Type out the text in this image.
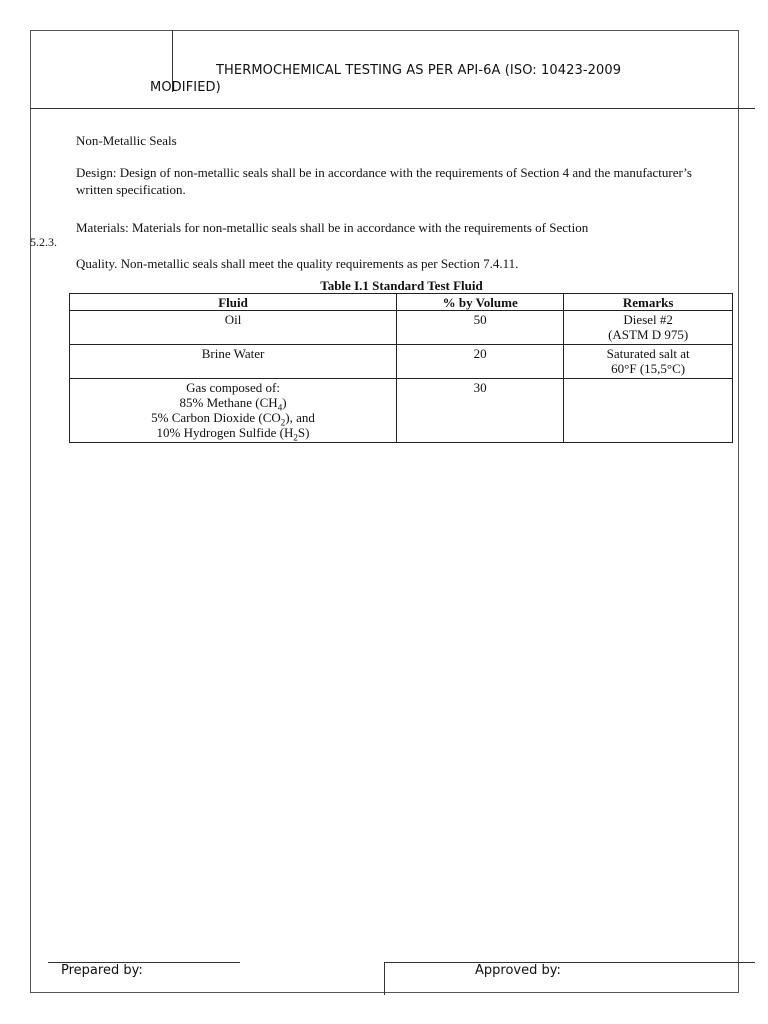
THERMOCHEMICAL TESTING AS PER API-6A (ISO: 10423-2009
MODIFIED)
Non-Metallic Seals
Design: Design of non-metallic seals shall be in accordance with the requirements of Section 4 and the manufacturer’s written specification.
Materials: Materials for non-metallic seals shall be in accordance with the requirements of Section
5.2.3.
Quality. Non-metallic seals shall meet the quality requirements as per Section 7.4.11.
Table I.1 Standard Test Fluid
Fluid	% by Volume	Remarks
Oil	50	Diesel #2
(ASTM D 975)

Brine Water	20	Saturated salt at
60°F (15,5°C)

Gas composed of:
85% Methane $(CH_4)$
5% Carbon Dioxide $(CO_2)$, and
10% Hydrogen Sulfide $(H_2S)$	30	
Prepared by:	Approved by:
